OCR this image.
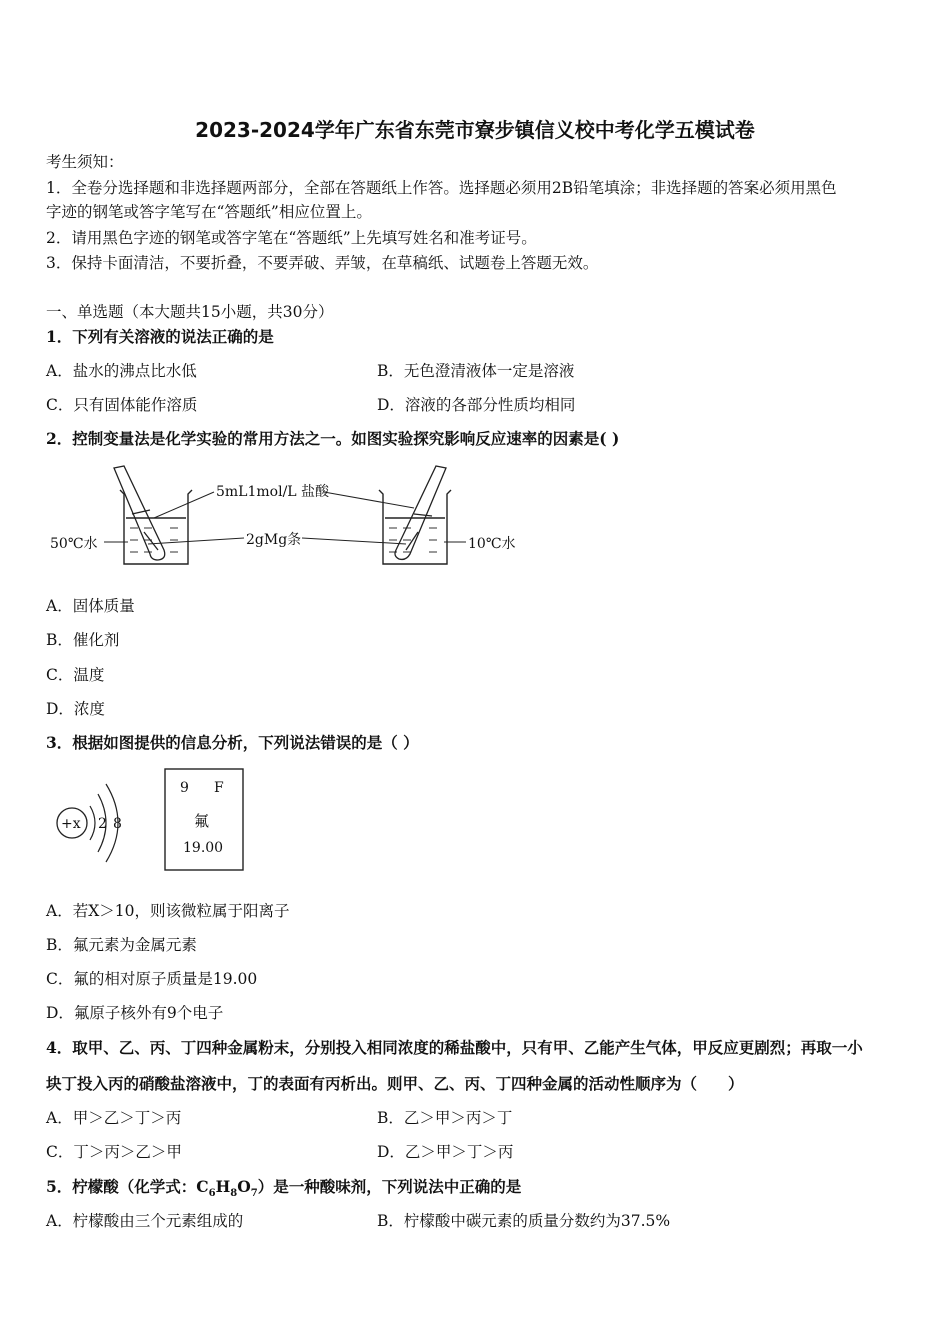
2023-2024学年广东省东莞市寮步镇信义校中考化学五模试卷
考生须知：
1．全卷分选择题和非选择题两部分，全部在答题纸上作答。选择题必须用2B铅笔填涂；非选择题的答案必须用黑色
字迹的钢笔或答字笔写在“答题纸”相应位置上。
2．请用黑色字迹的钢笔或答字笔在“答题纸”上先填写姓名和准考证号。
3．保持卡面清洁，不要折叠，不要弄破、弄皱，在草稿纸、试题卷上答题无效。
一、单选题（本大题共15小题，共30分）
1．下列有关溶液的说法正确的是
A．盐水的沸点比水低	B．无色澄清液体一定是溶液
C．只有固体能作溶质	D．溶液的各部分性质均相同
2．控制变量法是化学实验的常用方法之一。如图实验探究影响反应速率的因素是( )
5mL1mol/L 盐酸
2gMg条
50℃水	10℃水
A．固体质量
B．催化剂
C．温度
D．浓度
3．根据如图提供的信息分析，下列说法错误的是（ ）
+x 2 8
9 F
氟
19.00
A．若X＞10，则该微粒属于阳离子
B．氟元素为金属元素
C．氟的相对原子质量是19.00
D．氟原子核外有9个电子
4．取甲、乙、丙、丁四种金属粉末，分别投入相同浓度的稀盐酸中，只有甲、乙能产生气体，甲反应更剧烈；再取一小
块丁投入丙的硝酸盐溶液中，丁的表面有丙析出。则甲、乙、丙、丁四种金属的活动性顺序为（　　）
A．甲＞乙＞丁＞丙	B．乙＞甲＞丙＞丁
C．丁＞丙＞乙＞甲	D．乙＞甲＞丁＞丙
5．柠檬酸（化学式：$C_6H_8O_7$）是一种酸味剂，下列说法中正确的是
A．柠檬酸由三个元素组成的	B．柠檬酸中碳元素的质量分数约为37.5%
